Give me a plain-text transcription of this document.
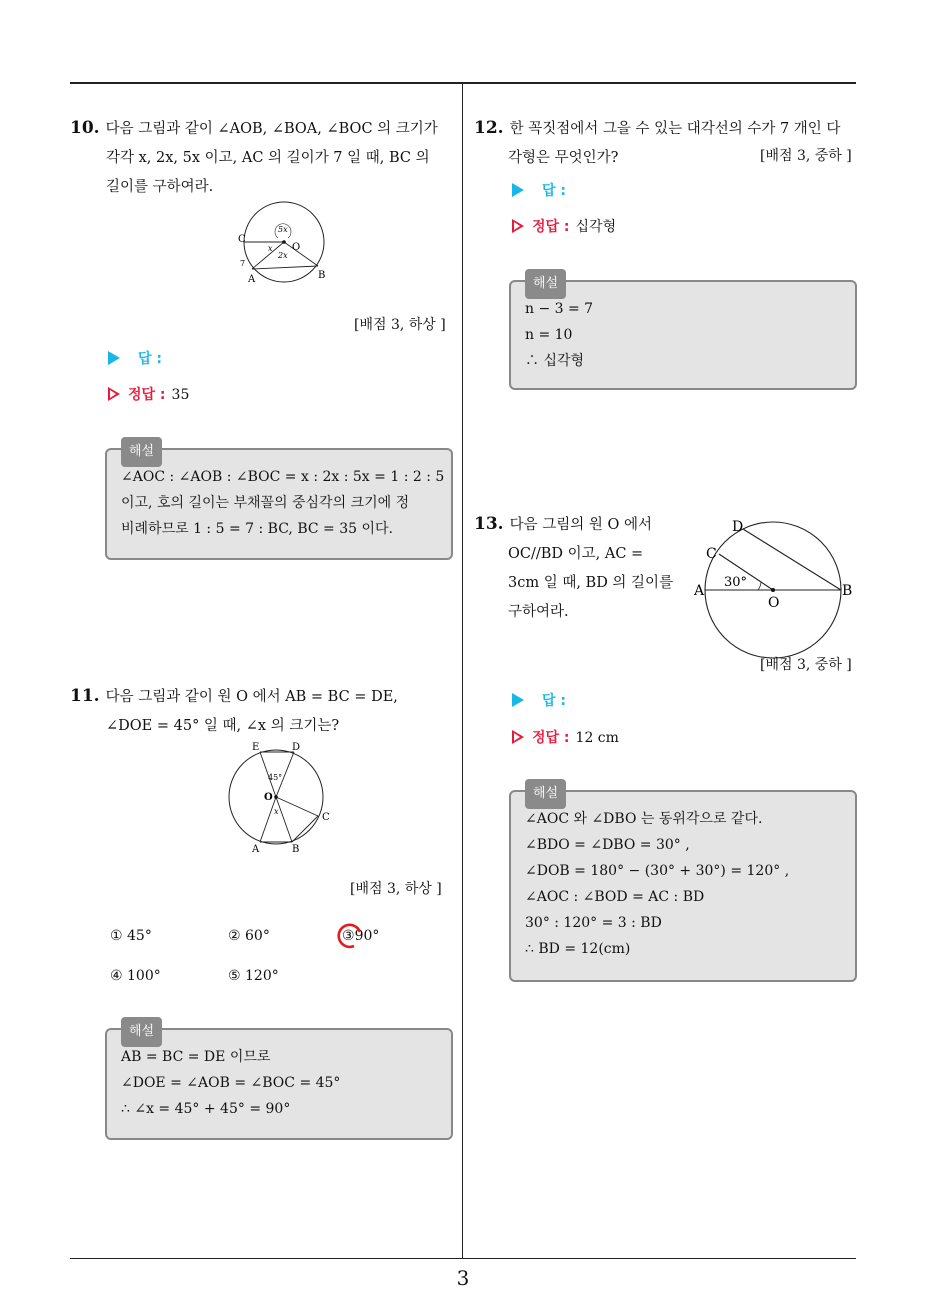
10. 다음 그림과 같이 ∠AOB, ∠BOA, ∠BOC 의 크기가
각각 x, 2x, 5x 이고, AC 의 길이가 7 일 때, BC 의
길이를 구하여라.
C
O
A	B
5x
x
2x
7
[배점 3, 하상 ]
답 :
정답 : 35
해설
∠AOC : ∠AOB : ∠BOC = x : 2x : 5x = 1 : 2 : 5
이고, 호의 길이는 부채꼴의 중심각의 크기에 정
비례하므로 1 : 5 = 7 : BC, BC = 35 이다.
11. 다음 그림과 같이 원 O 에서 AB = BC = DE,
∠DOE = 45° 일 때, ∠x 의 크기는?
E	D
O
C
A	B
45°
x
[배점 3, 하상 ]
① 45°	② 60°	③90°
④ 100°	⑤ 120°
해설
AB = BC = DE 이므로
∠DOE = ∠AOB = ∠BOC = 45°
∴ ∠x = 45° + 45° = 90°
12. 한 꼭짓점에서 그을 수 있는 대각선의 수가 7 개인 다
각형은 무엇인가?	[배점 3, 중하 ]
답 :
정답 : 십각형
해설
n − 3 = 7
n = 10
∴ 십각형
13. 다음 그림의 원 O 에서
OC//BD 이고, AC =
3cm 일 때, BD 의 길이를
구하여라.
D
C
A	B
O
30°
[배점 3, 중하 ]
답 :
정답 : 12 cm
해설
∠AOC 와 ∠DBO 는 동위각으로 같다.
∠BDO = ∠DBO = 30° ,
∠DOB = 180° − (30° + 30°) = 120° ,
∠AOC : ∠BOD = AC : BD
30° : 120° = 3 : BD
∴ BD = 12(cm)
3
